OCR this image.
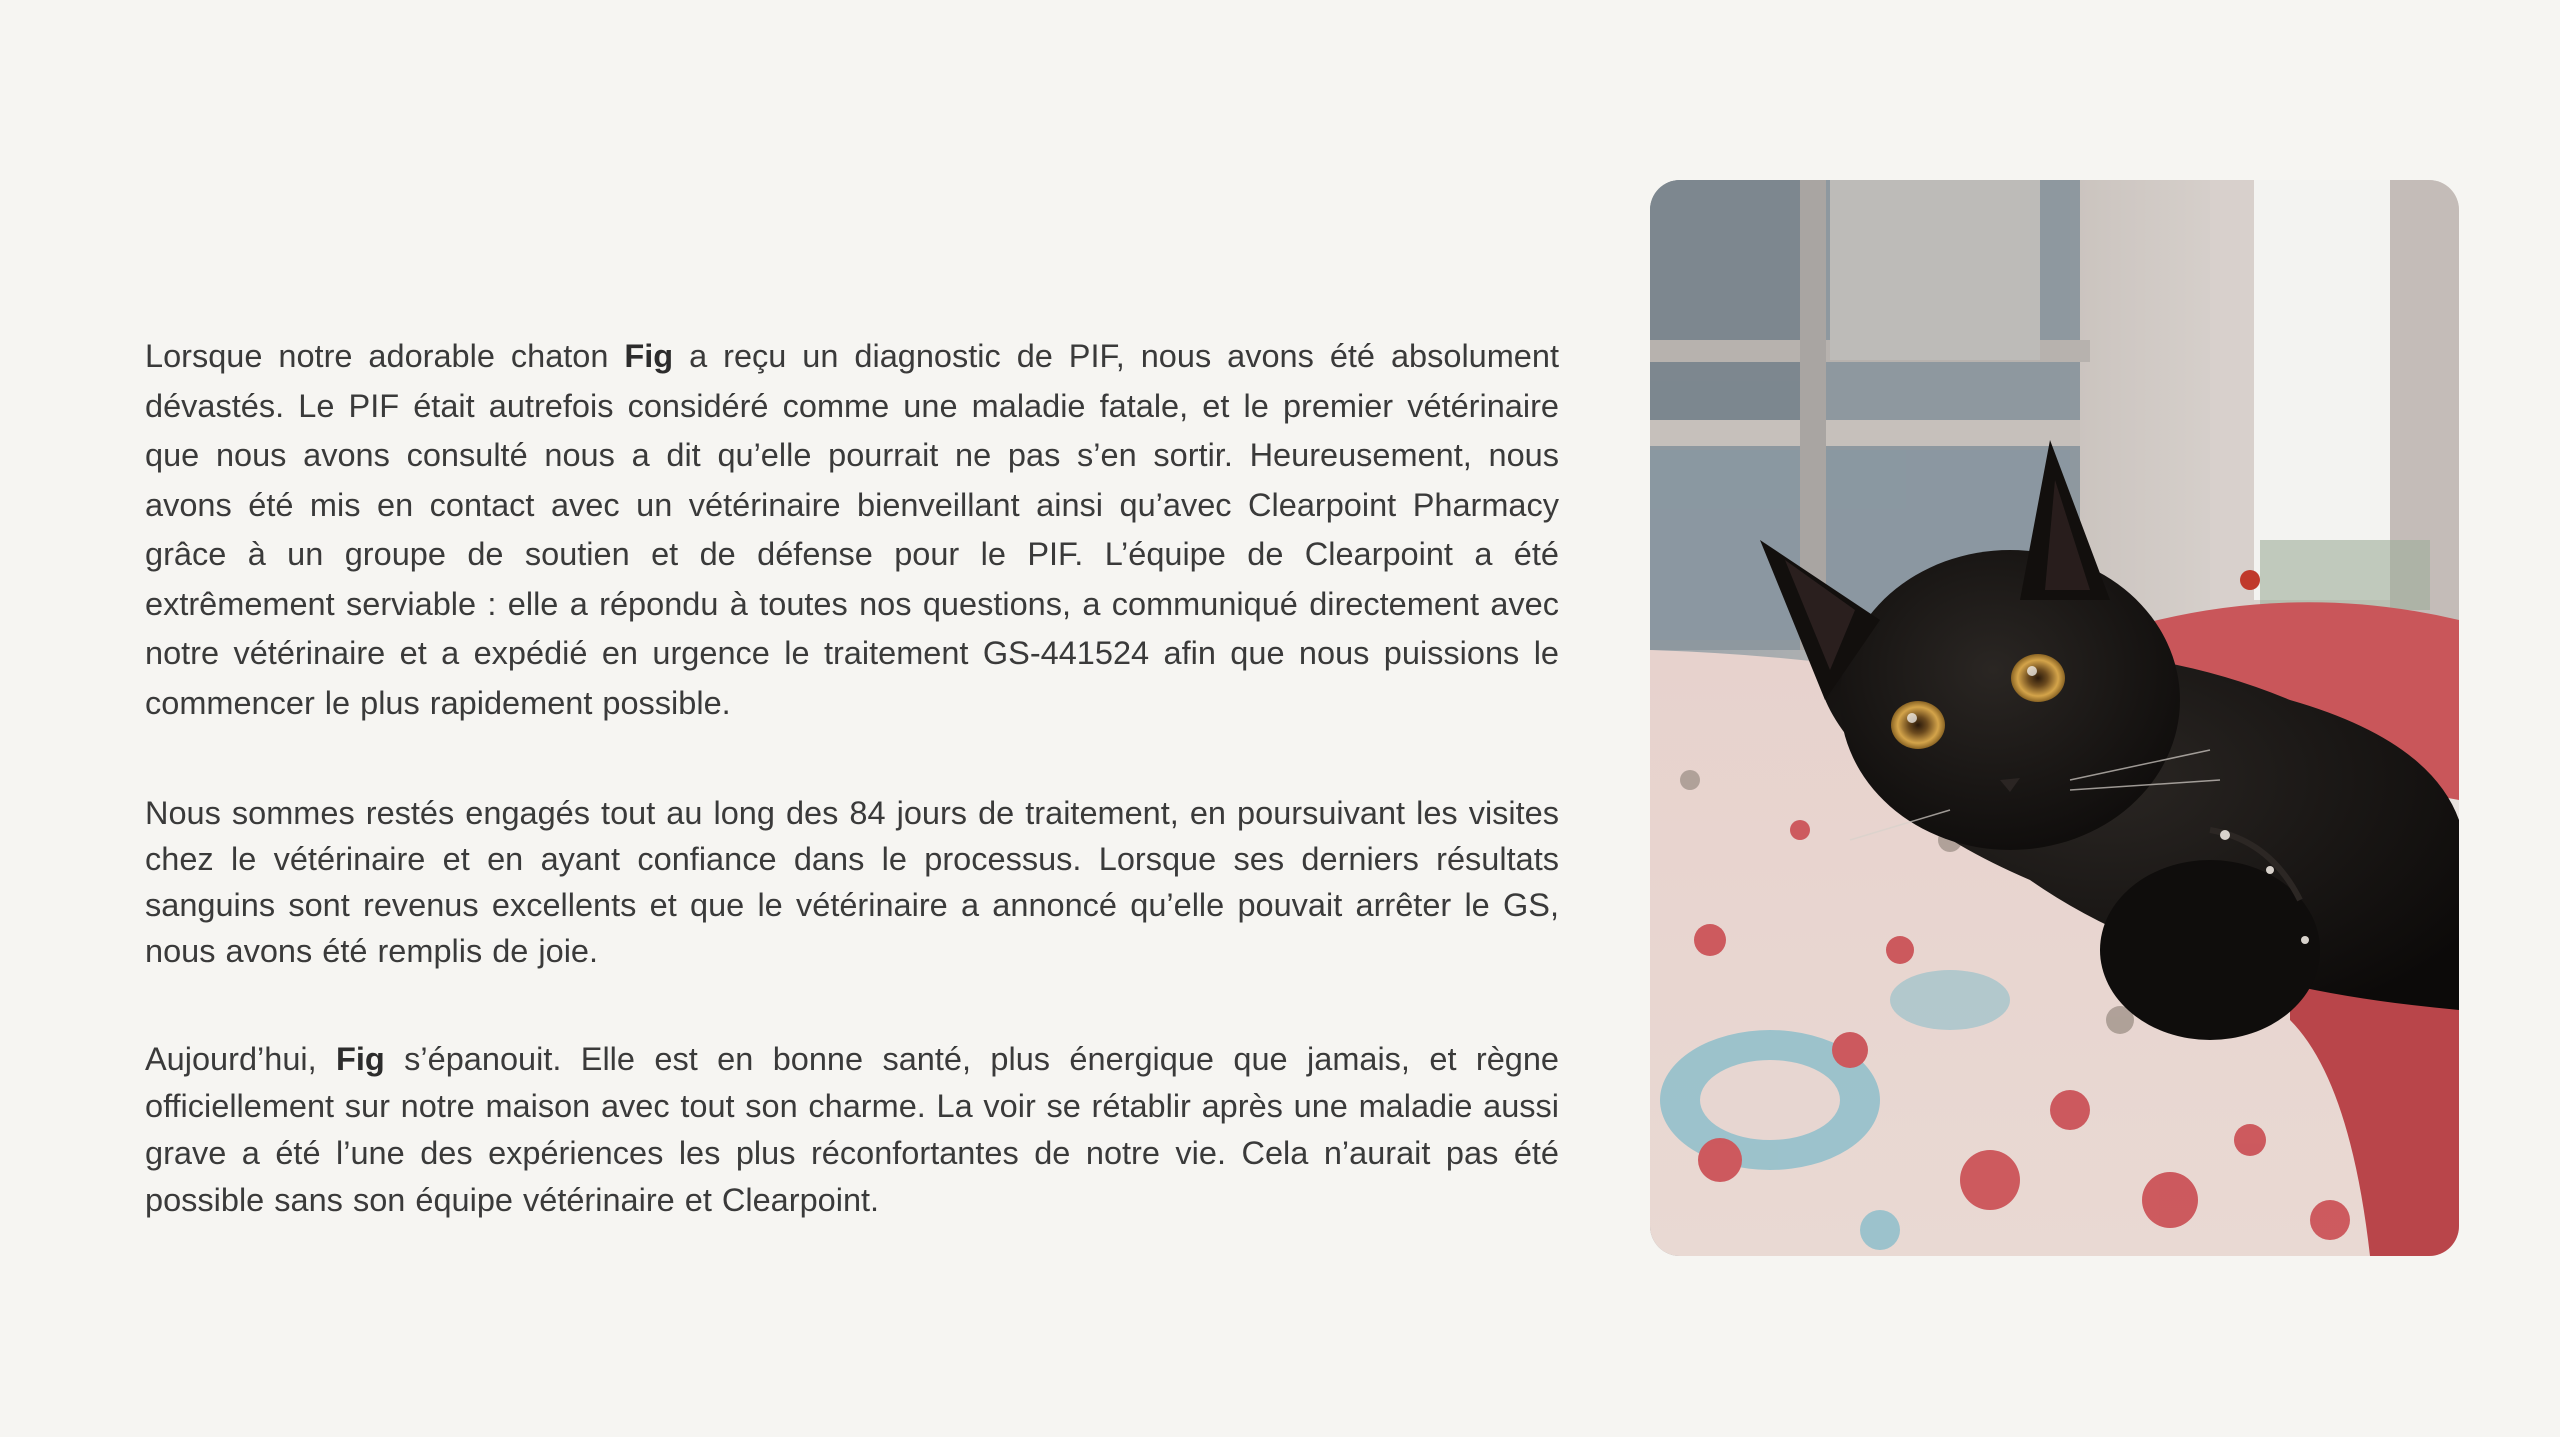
Lorsque notre adorable chaton Fig a reçu un diagnostic de PIF, nous avons été absolument dévastés. Le PIF était autrefois considéré comme une maladie fatale, et le premier vétérinaire que nous avons consulté nous a dit qu’elle pourrait ne pas s’en sortir. Heureusement, nous avons été mis en contact avec un vétérinaire bienveillant ainsi qu’avec Clearpoint Pharmacy grâce à un groupe de soutien et de défense pour le PIF. L’équipe de Clearpoint a été extrêmement serviable : elle a répondu à toutes nos questions, a communiqué directement avec notre vétérinaire et a expédié en urgence le traitement GS-441524 afin que nous puissions le commencer le plus rapidement possible.

Nous sommes restés engagés tout au long des 84 jours de traitement, en poursuivant les visites chez le vétérinaire et en ayant confiance dans le processus. Lorsque ses derniers résultats sanguins sont revenus excellents et que le vétérinaire a annoncé qu’elle pouvait arrêter le GS, nous avons été remplis de joie.

Aujourd’hui, Fig s’épanouit. Elle est en bonne santé, plus énergique que jamais, et règne officiellement sur notre maison avec tout son charme. La voir se rétablir après une maladie aussi grave a été l’une des expériences les plus réconfortantes de notre vie. Cela n’aurait pas été possible sans son équipe vétérinaire et Clearpoint.
